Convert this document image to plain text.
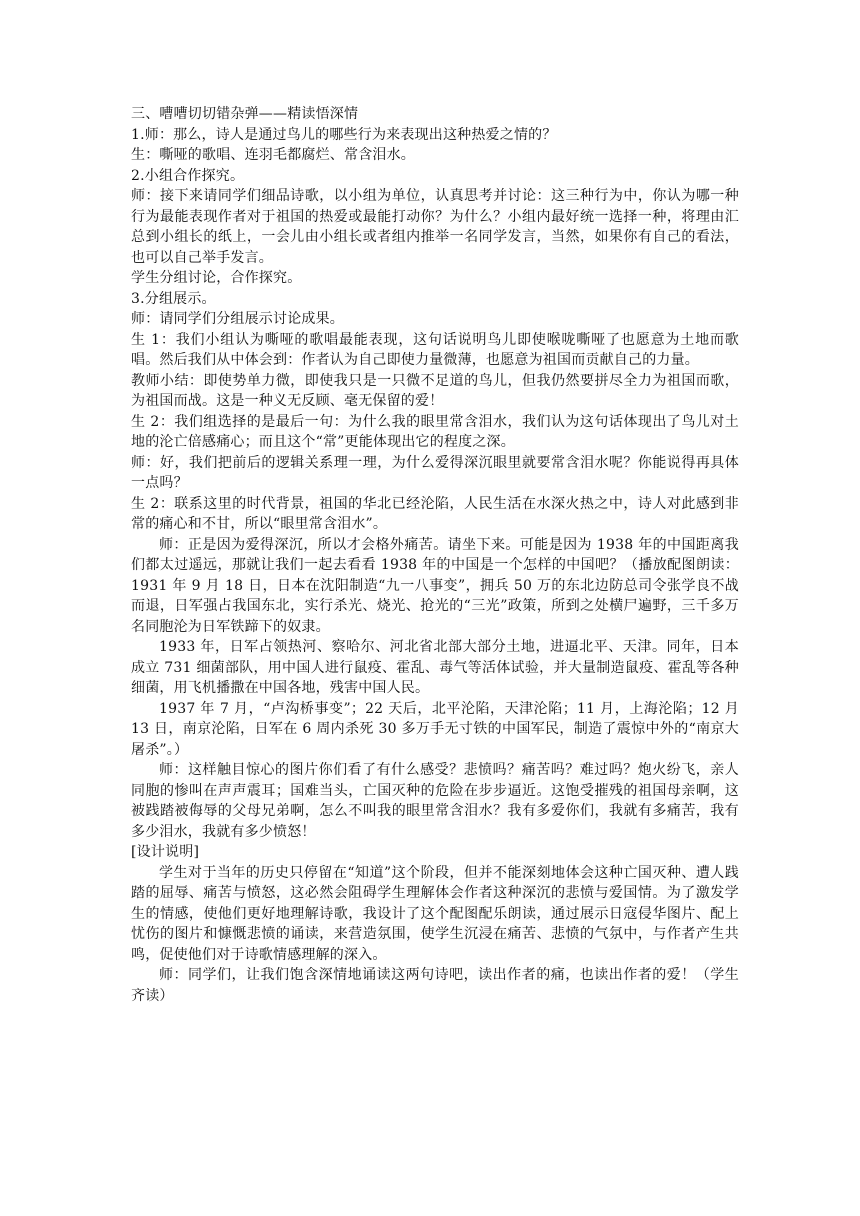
三、嘈嘈切切错杂弹——精读悟深情

1.师：那么，诗人是通过鸟儿的哪些行为来表现出这种热爱之情的？

生：嘶哑的歌唱、连羽毛都腐烂、常含泪水。

2.小组合作探究。

师：接下来请同学们细品诗歌，以小组为单位，认真思考并讨论：这三种行为中，你认为哪一种行为最能表现作者对于祖国的热爱或最能打动你？为什么？小组内最好统一选择一种，将理由汇总到小组长的纸上，一会儿由小组长或者组内推举一名同学发言，当然，如果你有自己的看法，也可以自己举手发言。

学生分组讨论，合作探究。

3.分组展示。

师：请同学们分组展示讨论成果。

生 1：我们小组认为嘶哑的歌唱最能表现，这句话说明鸟儿即使喉咙嘶哑了也愿意为土地而歌唱。然后我们从中体会到：作者认为自己即使力量微薄，也愿意为祖国而贡献自己的力量。

教师小结：即使势单力微，即使我只是一只微不足道的鸟儿，但我仍然要拼尽全力为祖国而歌，为祖国而战。这是一种义无反顾、毫无保留的爱！

生 2：我们组选择的是最后一句：为什么我的眼里常含泪水，我们认为这句话体现出了鸟儿对土地的沦亡倍感痛心；而且这个“常”更能体现出它的程度之深。

师：好，我们把前后的逻辑关系理一理，为什么爱得深沉眼里就要常含泪水呢？你能说得再具体一点吗？

生 2：联系这里的时代背景，祖国的华北已经沦陷，人民生活在水深火热之中，诗人对此感到非常的痛心和不甘，所以“眼里常含泪水”。

师：正是因为爱得深沉，所以才会格外痛苦。请坐下来。可能是因为 1938 年的中国距离我们都太过遥远，那就让我们一起去看看 1938 年的中国是一个怎样的中国吧？（播放配图朗读：1931 年 9 月 18 日，日本在沈阳制造“九一八事变”，拥兵 50 万的东北边防总司令张学良不战而退，日军强占我国东北，实行杀光、烧光、抢光的“三光”政策，所到之处横尸遍野，三千多万名同胞沦为日军铁蹄下的奴隶。

1933 年，日军占领热河、察哈尔、河北省北部大部分土地，进逼北平、天津。同年，日本成立 731 细菌部队，用中国人进行鼠疫、霍乱、毒气等活体试验，并大量制造鼠疫、霍乱等各种细菌，用飞机播撒在中国各地，残害中国人民。

1937 年 7 月，“卢沟桥事变”；22 天后，北平沦陷，天津沦陷；11 月，上海沦陷；12 月 13 日，南京沦陷，日军在 6 周内杀死 30 多万手无寸铁的中国军民，制造了震惊中外的“南京大屠杀”。）

师：这样触目惊心的图片你们看了有什么感受？悲愤吗？痛苦吗？难过吗？炮火纷飞，亲人同胞的惨叫在声声震耳；国难当头，亡国灭种的危险在步步逼近。这饱受摧残的祖国母亲啊，这被践踏被侮辱的父母兄弟啊，怎么不叫我的眼里常含泪水？我有多爱你们，我就有多痛苦，我有多少泪水，我就有多少愤怒！

[设计说明]

学生对于当年的历史只停留在“知道”这个阶段，但并不能深刻地体会这种亡国灭种、遭人践踏的屈辱、痛苦与愤怒，这必然会阻碍学生理解体会作者这种深沉的悲愤与爱国情。为了激发学生的情感，使他们更好地理解诗歌，我设计了这个配图配乐朗读，通过展示日寇侵华图片、配上忧伤的图片和慷慨悲愤的诵读，来营造氛围，使学生沉浸在痛苦、悲愤的气氛中，与作者产生共鸣，促使他们对于诗歌情感理解的深入。

师：同学们，让我们饱含深情地诵读这两句诗吧，读出作者的痛，也读出作者的爱！（学生齐读）
